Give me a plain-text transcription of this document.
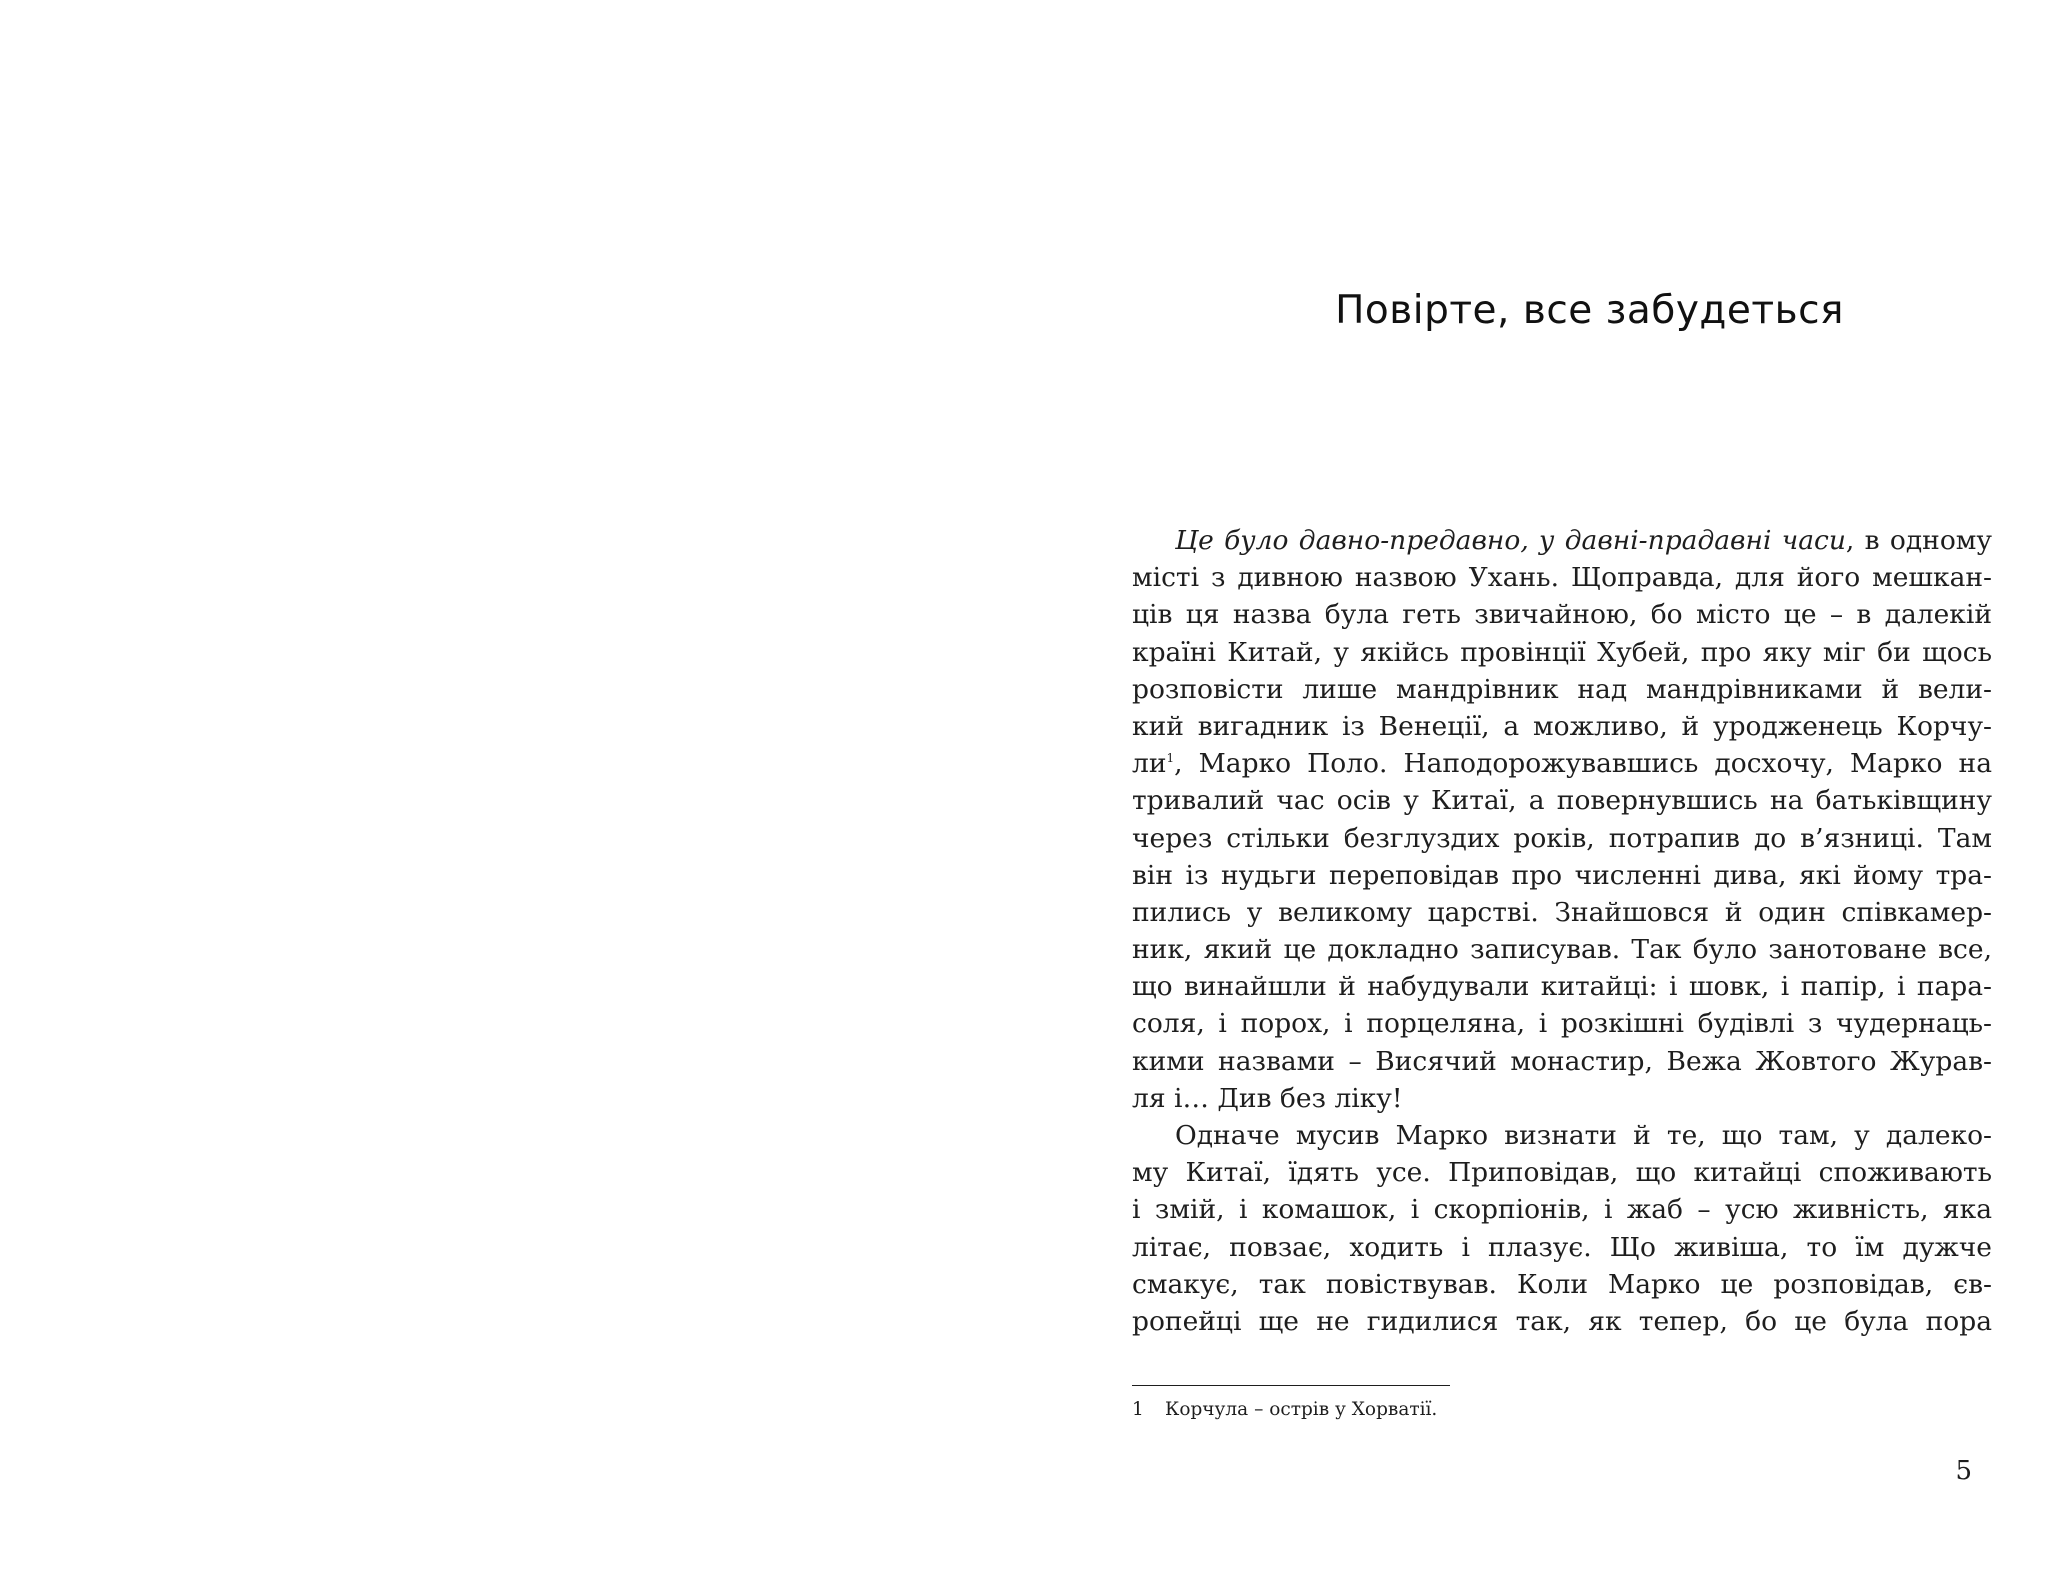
Повірте, все забудеться
Це було давно-предавно, у давні-прадавні часи, в одному
місті з дивною назвою Ухань. Щоправда, для його мешкан-
ців ця назва була геть звичайною, бо місто це – в далекій
країні Китай, у якійсь провінції Хубей, про яку міг би щось
розповісти лише мандрівник над мандрівниками й вели-
кий вигадник із Венеції, а можливо, й уродженець Корчу-
ли$^1$, Марко Поло. Наподорожувавшись досхочу, Марко на
тривалий час осів у Китаї, а повернувшись на батьківщину
через стільки безглуздих років, потрапив до в’язниці. Там
він із нудьги переповідав про численні дива, які йому тра-
пились у великому царстві. Знайшовся й один співкамер-
ник, який це докладно записував. Так було занотоване все,
що винайшли й набудували китайці: і шовк, і папір, і пара-
соля, і порох, і порцеляна, і розкішні будівлі з чудернаць-
кими назвами – Висячий монастир, Вежа Жовтого Журав-
ля і… Див без ліку!
Одначе мусив Марко визнати й те, що там, у далеко-
му Китаї, їдять усе. Приповідав, що китайці споживають
і змій, і комашок, і скорпіонів, і жаб – усю живність, яка
літає, повзає, ходить і плазує. Що живіша, то їм дужче
смакує, так повіствував. Коли Марко це розповідав, єв-
ропейці ще не гидилися так, як тепер, бо це була пора
1 Корчула – острів у Хорватії.
5
